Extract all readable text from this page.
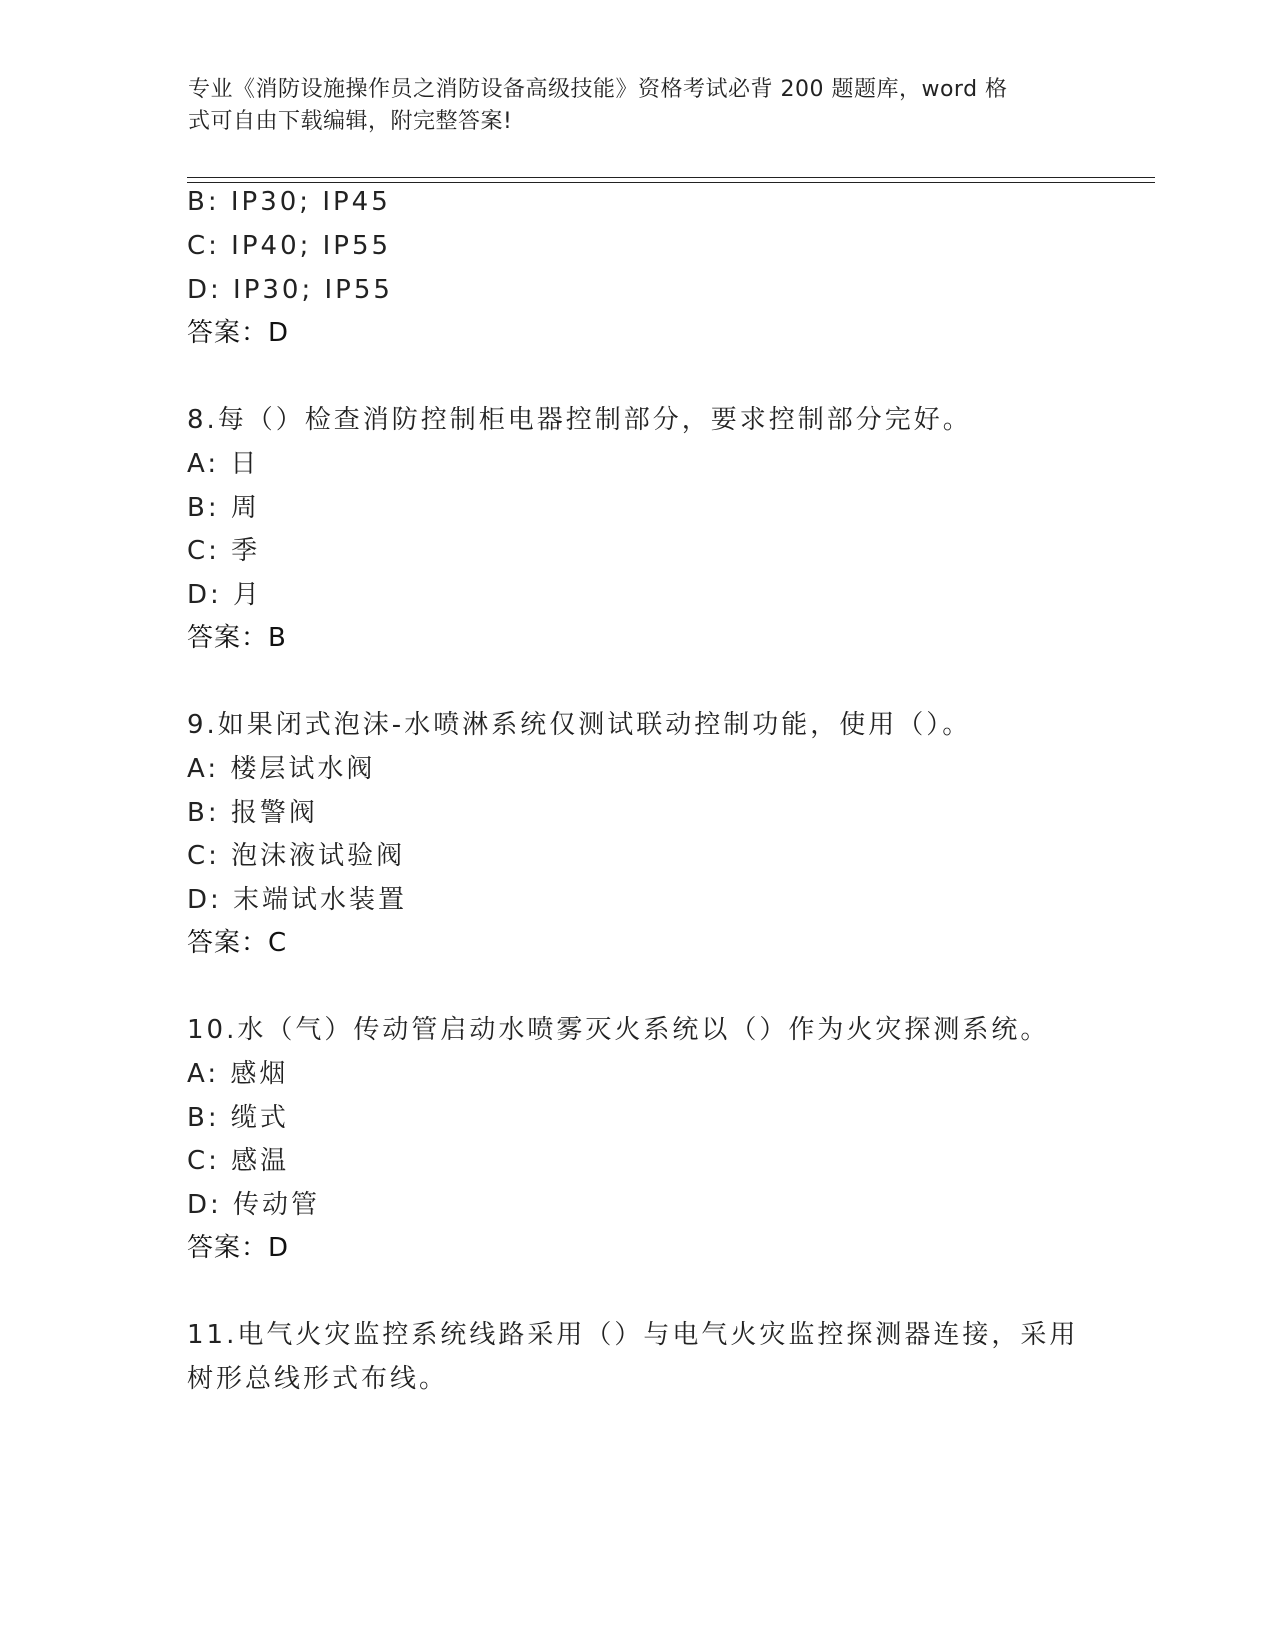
专业《消防设施操作员之消防设备高级技能》资格考试必背 200 题题库，word 格
式可自由下载编辑，附完整答案!
B: IP30; IP45
C: IP40; IP55
D: IP30; IP55
答案：D
8.每（）检查消防控制柜电器控制部分，要求控制部分完好。
A: 日
B: 周
C: 季
D: 月
答案：B
9.如果闭式泡沫-水喷淋系统仅测试联动控制功能，使用（）。
A: 楼层试水阀
B: 报警阀
C: 泡沫液试验阀
D: 末端试水装置
答案：C
10.水（气）传动管启动水喷雾灭火系统以（）作为火灾探测系统。
A: 感烟
B: 缆式
C: 感温
D: 传动管
答案：D
11.电气火灾监控系统线路采用（）与电气火灾监控探测器连接，采用
树形总线形式布线。
